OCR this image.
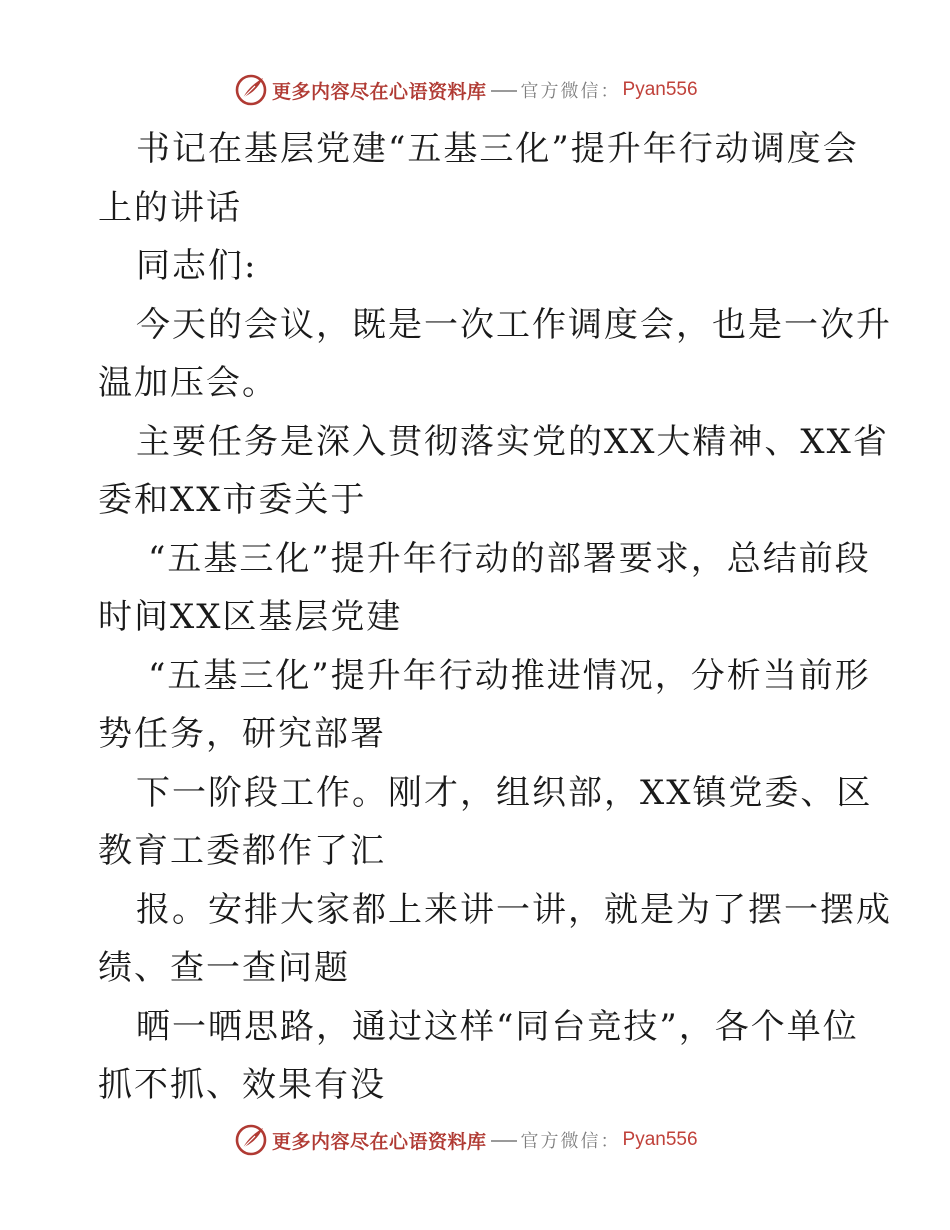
更多内容尽在心语资料库 官方微信： Pyan556

书记在基层党建“五基三化”提升年行动调度会

上的讲话

同志们:

今天的会议，既是一次工作调度会，也是一次升

温加压会。

主要任务是深入贯彻落实党的XX大精神、XX省

委和XX市委关于

“五基三化”提升年行动的部署要求，总结前段

时间XX区基层党建

“五基三化”提升年行动推进情况，分析当前形

势任务，研究部署

下一阶段工作。刚才，组织部，XX镇党委、区

教育工委都作了汇

报。安排大家都上来讲一讲，就是为了摆一摆成

绩、查一查问题

晒一晒思路，通过这样“同台竞技”，各个单位

抓不抓、效果有没

更多内容尽在心语资料库 官方微信： Pyan556
